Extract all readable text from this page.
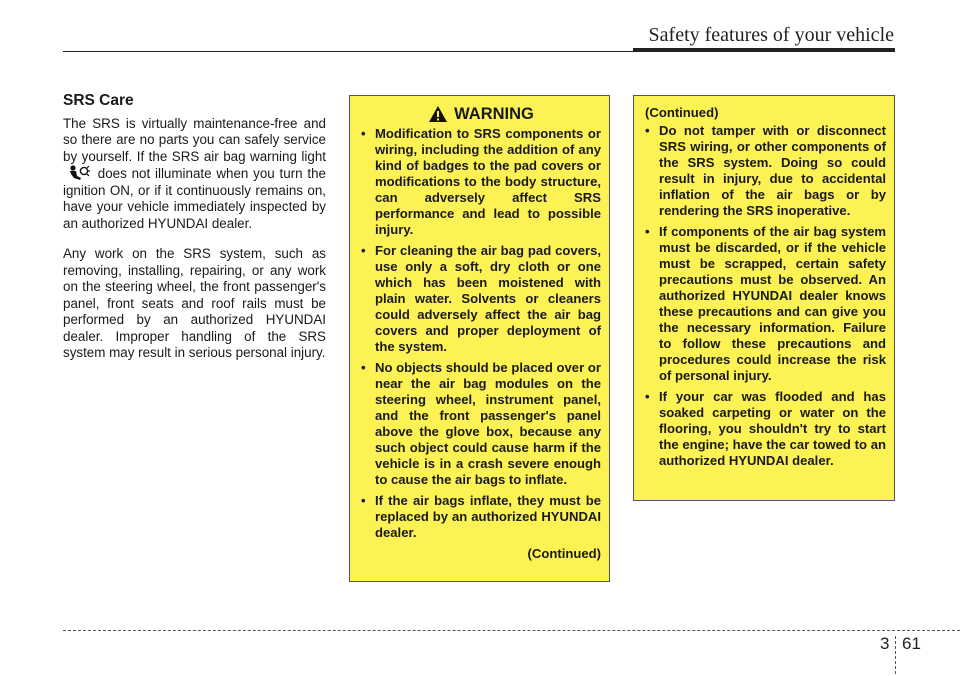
Safety features of your vehicle
SRS Care

The SRS is virtually maintenance-free and so there are no parts you can safely service by yourself. If the SRS air bag warning light  does not illuminate when you turn the ignition ON, or if it continuously remains on, have your vehicle immediately inspected by an authorized HYUNDAI dealer.

Any work on the SRS system, such as removing, installing, repairing, or any work on the steering wheel, the front passenger's panel, front seats and roof rails must be performed by an authorized HYUNDAI dealer. Improper handling of the SRS system may result in serious personal injury.

WARNING
• Modification to SRS components or wiring, including the addition of any kind of badges to the pad covers or modifications to the body structure, can adversely affect SRS performance and lead to possible injury.
• For cleaning the air bag pad covers, use only a soft, dry cloth or one which has been moistened with plain water. Solvents or cleaners could adversely affect the air bag covers and proper deployment of the system.
• No objects should be placed over or near the air bag modules on the steering wheel, instrument panel, and the front passenger's panel above the glove box, because any such object could cause harm if the vehicle is in a crash severe enough to cause the air bags to inflate.
• If the air bags inflate, they must be replaced by an authorized HYUNDAI dealer.
(Continued)
(Continued)
• Do not tamper with or disconnect SRS wiring, or other components of the SRS system. Doing so could result in injury, due to accidental inflation of the air bags or by rendering the SRS inoperative.
• If components of the air bag system must be discarded, or if the vehicle must be scrapped, certain safety precautions must be observed. An authorized HYUNDAI dealer knows these precautions and can give you the necessary information. Failure to follow these precautions and procedures could increase the risk of personal injury.
• If your car was flooded and has soaked carpeting or water on the flooring, you shouldn't try to start the engine; have the car towed to an authorized HYUNDAI dealer.
3 61
